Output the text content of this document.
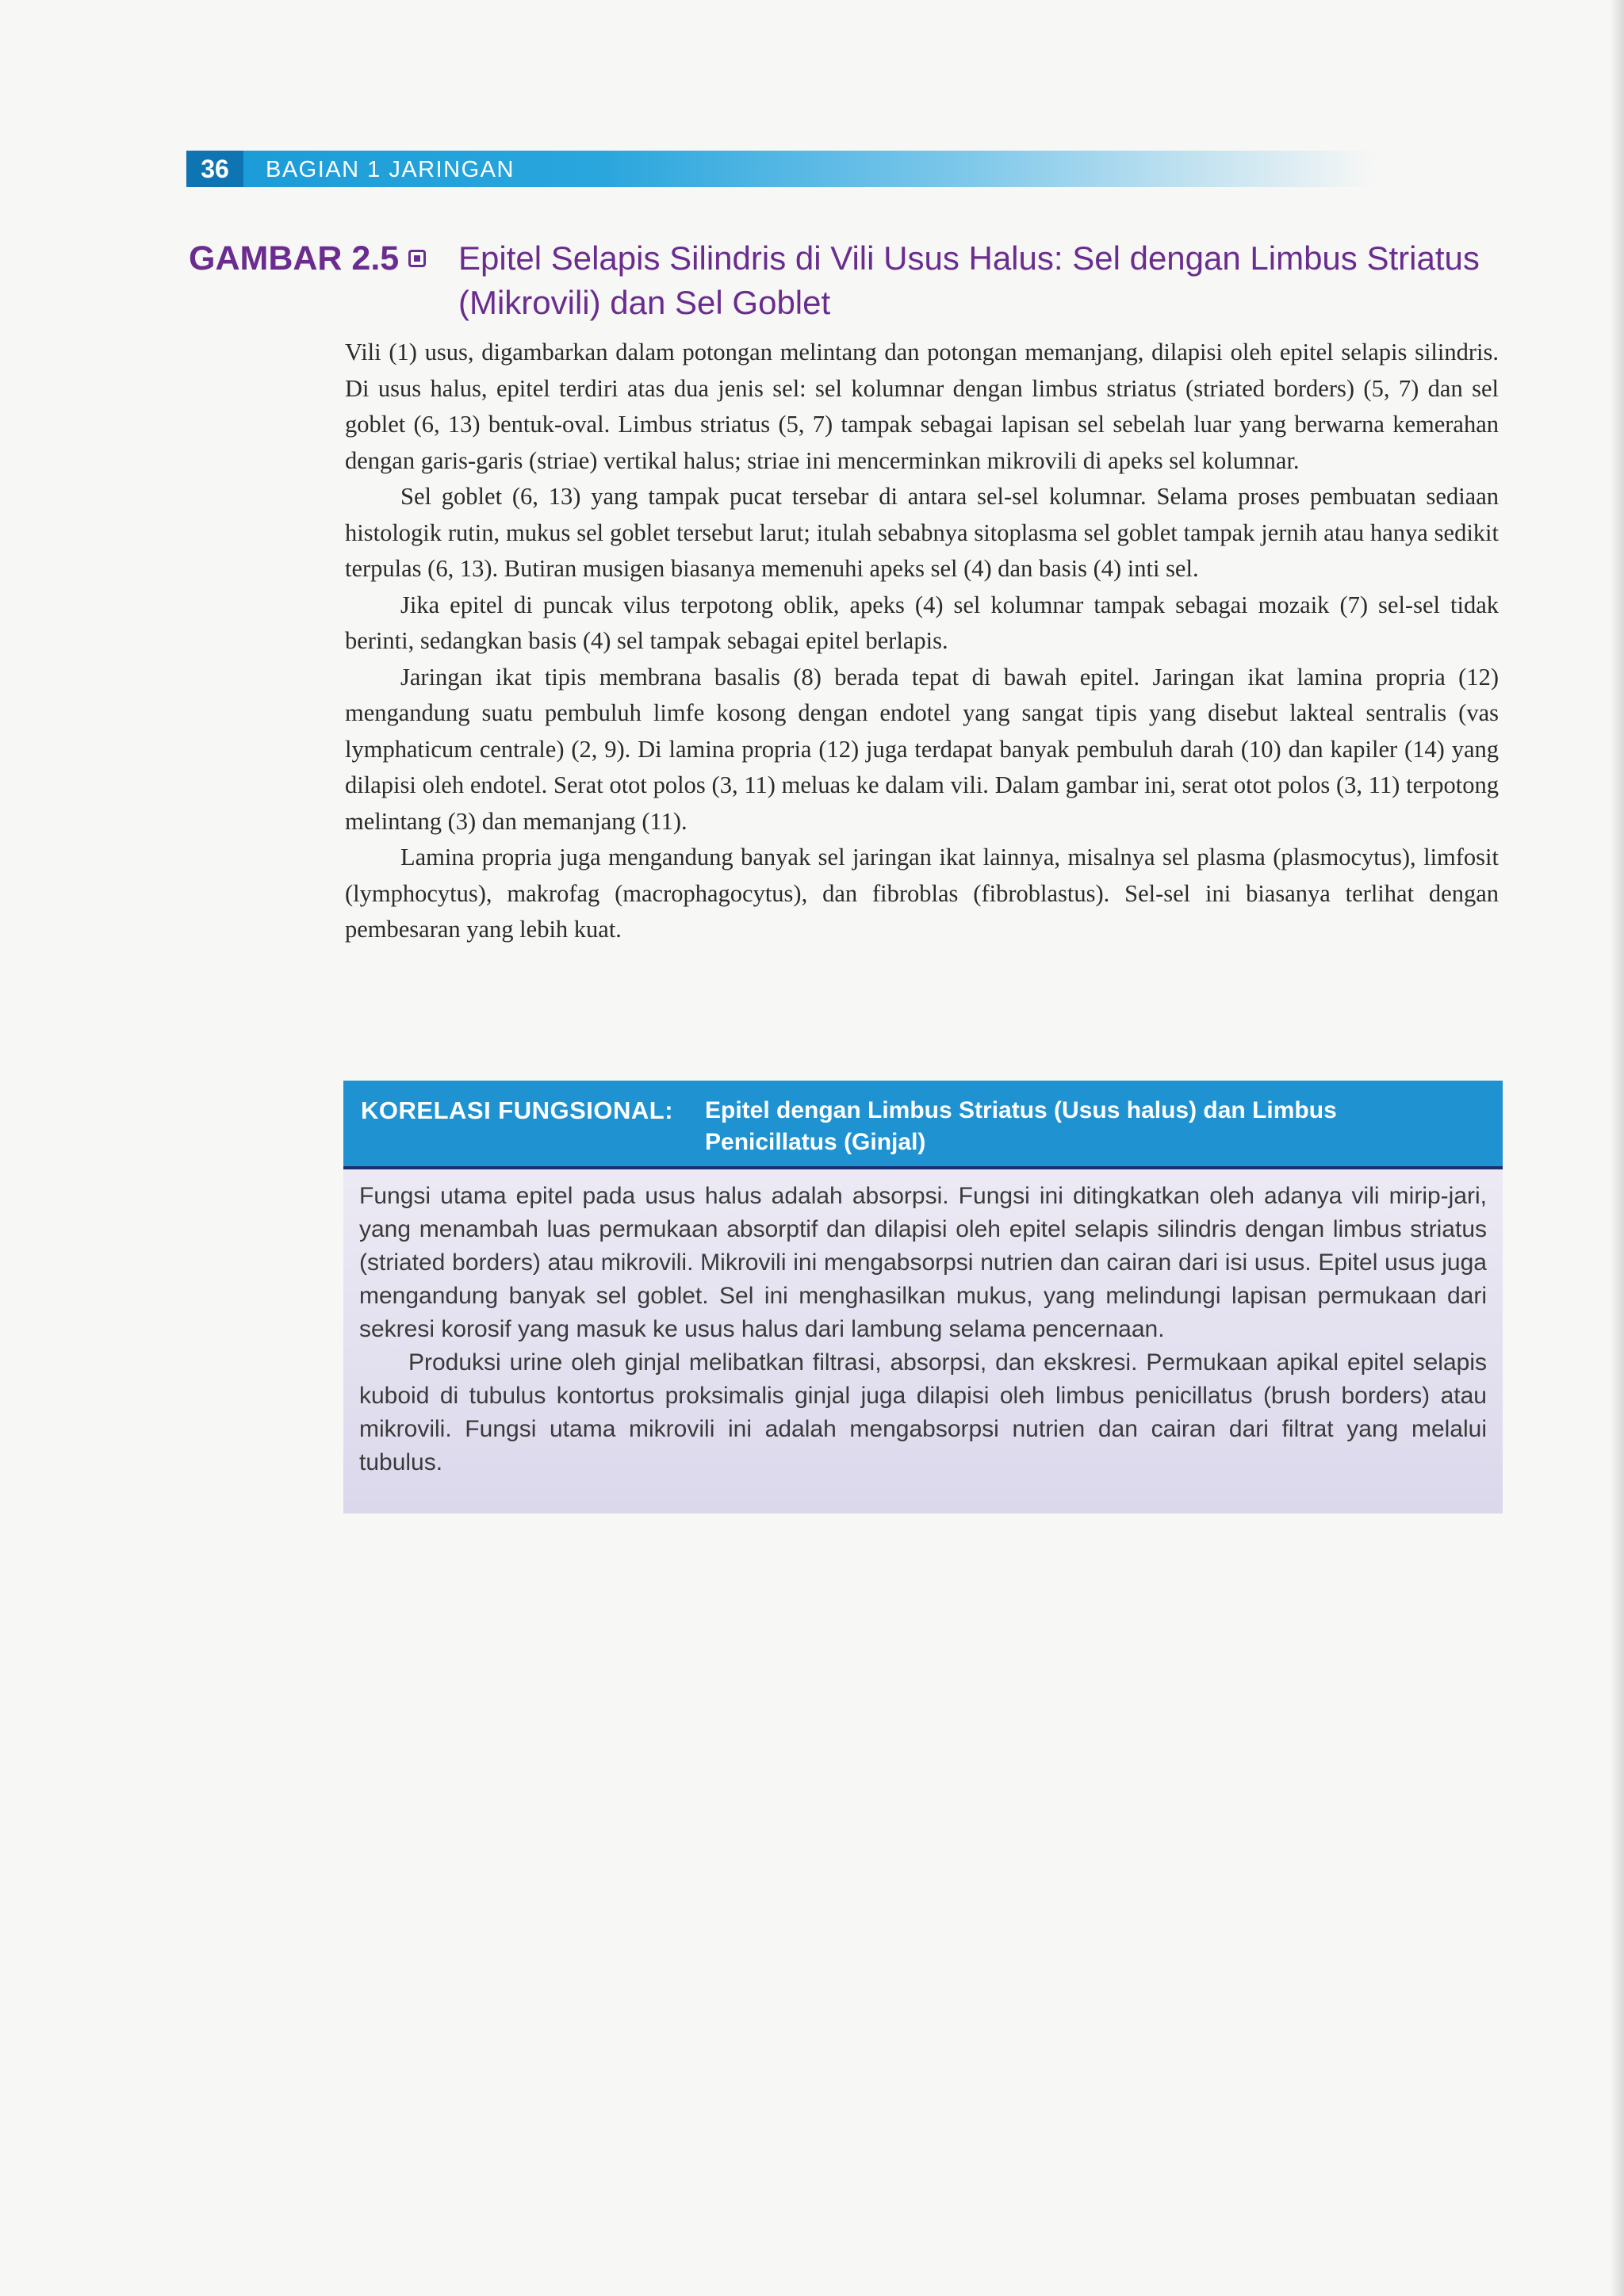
36	BAGIAN 1 JARINGAN
GAMBAR 2.5 Epitel Selapis Silindris di Vili Usus Halus: Sel dengan Limbus Striatus (Mikrovili) dan Sel Goblet

Vili (1) usus, digambarkan dalam potongan melintang dan potongan memanjang, dilapisi oleh epitel selapis silindris. Di usus halus, epitel terdiri atas dua jenis sel: sel kolumnar dengan limbus striatus (striated borders) (5, 7) dan sel goblet (6, 13) bentuk-oval. Limbus striatus (5, 7) tampak sebagai lapisan sel sebelah luar yang berwarna kemerahan dengan garis-garis (striae) vertikal halus; striae ini mencerminkan mikrovili di apeks sel kolumnar.

Sel goblet (6, 13) yang tampak pucat tersebar di antara sel-sel kolumnar. Selama proses pembuatan sediaan histologik rutin, mukus sel goblet tersebut larut; itulah sebabnya sitoplasma sel goblet tampak jernih atau hanya sedikit terpulas (6, 13). Butiran musigen biasanya memenuhi apeks sel (4) dan basis (4) inti sel.

Jika epitel di puncak vilus terpotong oblik, apeks (4) sel kolumnar tampak sebagai mozaik (7) sel-sel tidak berinti, sedangkan basis (4) sel tampak sebagai epitel berlapis.

Jaringan ikat tipis membrana basalis (8) berada tepat di bawah epitel. Jaringan ikat lamina propria (12) mengandung suatu pembuluh limfe kosong dengan endotel yang sangat tipis yang disebut lakteal sentralis (vas lymphaticum centrale) (2, 9). Di lamina propria (12) juga terdapat banyak pembuluh darah (10) dan kapiler (14) yang dilapisi oleh endotel. Serat otot polos (3, 11) meluas ke dalam vili. Dalam gambar ini, serat otot polos (3, 11) terpotong melintang (3) dan memanjang (11).

Lamina propria juga mengandung banyak sel jaringan ikat lainnya, misalnya sel plasma (plasmocytus), limfosit (lymphocytus), makrofag (macrophagocytus), dan fibroblas (fibroblastus). Sel-sel ini biasanya terlihat dengan pembesaran yang lebih kuat.

KORELASI FUNGSIONAL: Epitel dengan Limbus Striatus (Usus halus) dan Limbus Penicillatus (Ginjal)

Fungsi utama epitel pada usus halus adalah absorpsi. Fungsi ini ditingkatkan oleh adanya vili mirip-jari, yang menambah luas permukaan absorptif dan dilapisi oleh epitel selapis silindris dengan limbus striatus (striated borders) atau mikrovili. Mikrovili ini mengabsorpsi nutrien dan cairan dari isi usus. Epitel usus juga mengandung banyak sel goblet. Sel ini menghasilkan mukus, yang melindungi lapisan permukaan dari sekresi korosif yang masuk ke usus halus dari lambung selama pencernaan.

Produksi urine oleh ginjal melibatkan filtrasi, absorpsi, dan ekskresi. Permukaan apikal epitel selapis kuboid di tubulus kontortus proksimalis ginjal juga dilapisi oleh limbus penicillatus (brush borders) atau mikrovili. Fungsi utama mikrovili ini adalah mengabsorpsi nutrien dan cairan dari filtrat yang melalui tubulus.
